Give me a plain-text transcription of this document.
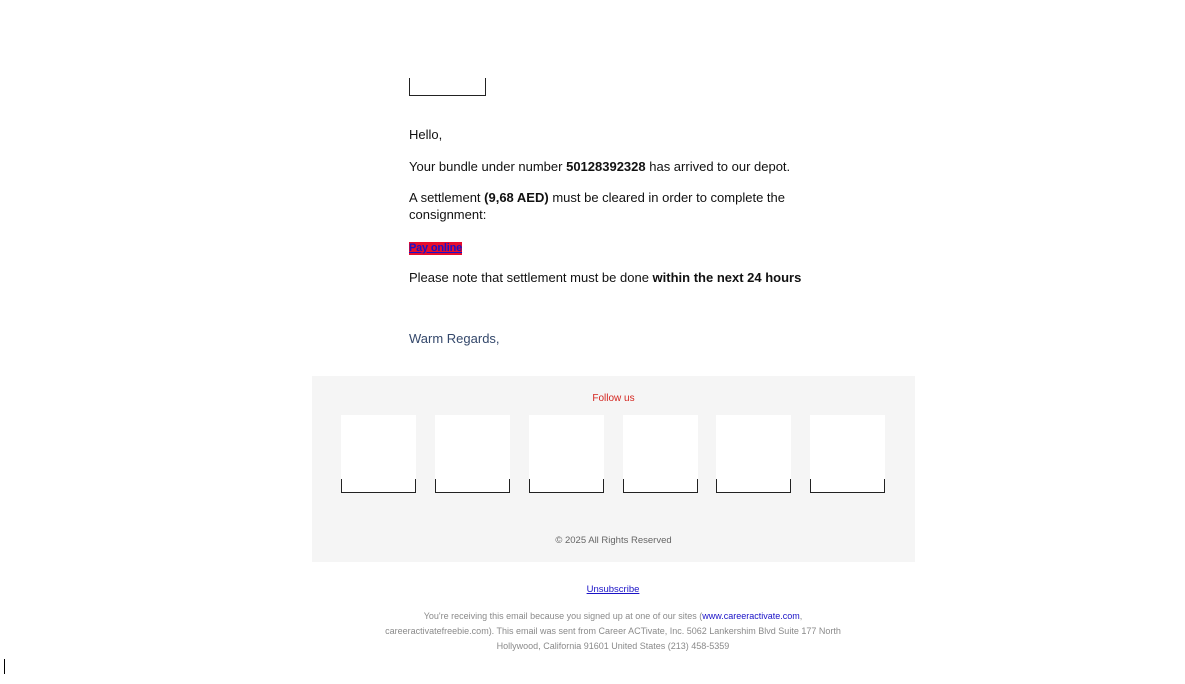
Hello,

Your bundle under number 50128392328 has arrived to our depot.

A settlement (9,68 AED) must be cleared in order to complete the consignment:

Pay online

Please note that settlement must be done within the next 24 hours

Warm Regards,

Follow us
© 2025 All Rights Reserved
Unsubscribe
You're receiving this email because you signed up at one of our sites (www.careeractivate.com, careeractivatefreebie.com). This email was sent from Career ACTivate, Inc. 5062 Lankershim Blvd Suite 177 North Hollywood, California 91601 United States (213) 458-5359
